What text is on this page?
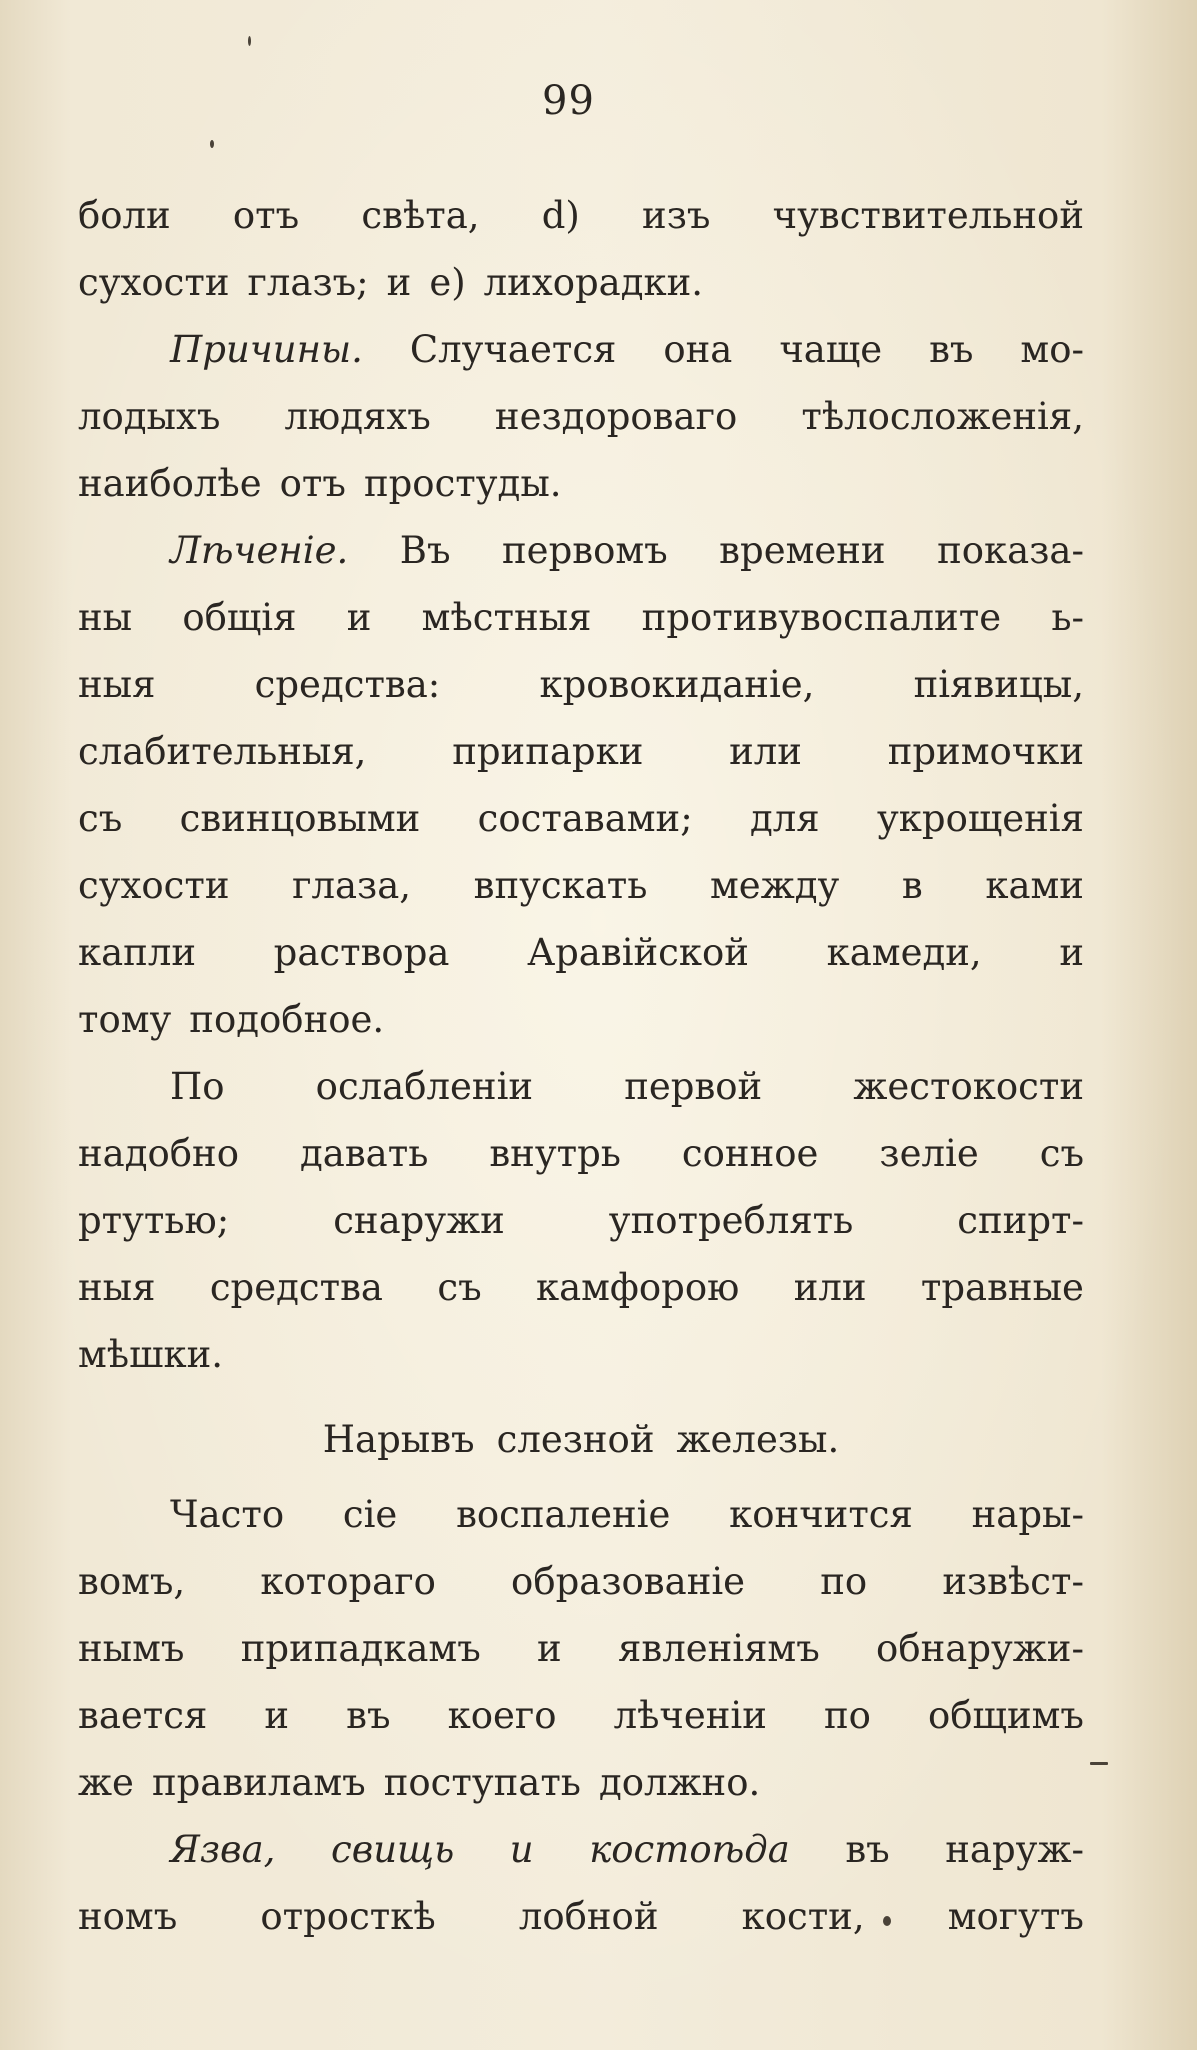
99
боли отъ свѣта, d) изъ чувствительной
сухости глазъ; и e) лихорадки.
Причины. Случается она чаще въ мо-
лодыхъ людяхъ нездороваго тѣлосложенія,
наиболѣе отъ простуды.
Лѣченіе. Въ первомъ времени показа-
ны общія и мѣстныя противувоспалите ь-
ныя	средства:	кровокиданіе,	піявицы,
слабительныя, припарки или примочки
съ свинцовыми составами; для укрощенія
сухости глаза, впускать между в ками
капли раствора Аравійской камеди, и
тому подобное.
По ослабленіи первой жестокости
надобно давать внутрь сонное зеліе съ
ртутью;	снаружи	употреблять	спирт-
ныя средства съ камфорою или травные
мѣшки.
Нарывъ слезной железы.
Часто сіе воспаленіе кончится нары-
вомъ, котораго образованіе по извѣст-
нымъ припадкамъ и явленіямъ обнаружи-
вается и въ коего лѣченіи по общимъ
же правиламъ поступать должно.
Язва, свищь и костоѣда въ наруж-
номъ отросткѣ лобной кости, могутъ
